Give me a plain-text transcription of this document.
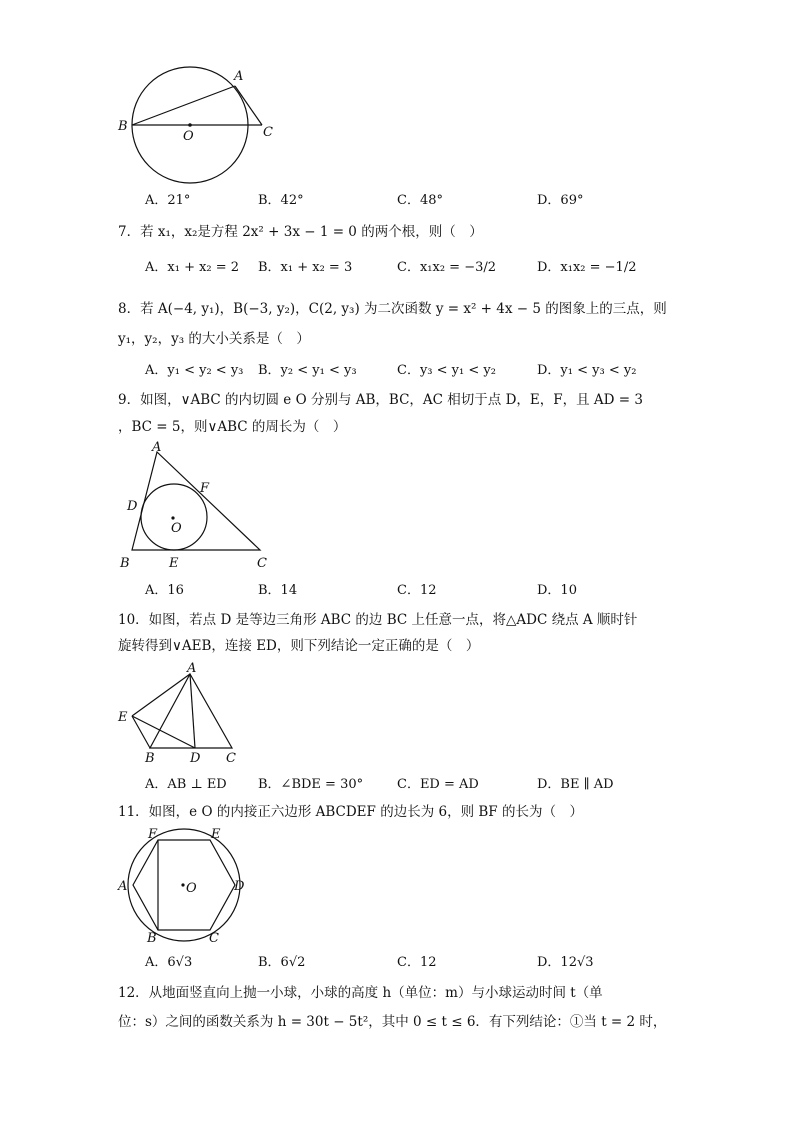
A
B
O	C
A．21°	B．42°	C．48°	D．69°
7．若 x₁，x₂是方程 2x² + 3x − 1 = 0 的两个根，则（　）
A．x₁ + x₂ = 2 B．x₁ + x₂ = 3	C．x₁x₂ = −3/2	D．x₁x₂ = −1/2
8．若 A(−4, y₁)，B(−3, y₂)，C(2, y₃) 为二次函数 y = x² + 4x − 5 的图象上的三点，则
y₁，y₂，y₃ 的大小关系是（　）
A．y₁ < y₂ < y₃ B．y₂ < y₁ < y₃	C．y₃ < y₁ < y₂	D．y₁ < y₃ < y₂
9．如图，∨ABC 的内切圆 e O 分别与 AB，BC，AC 相切于点 D，E，F，且 AD = 3
，BC = 5，则∨ABC 的周长为（　）
A
B	C
D
E
F
O
A．16	B．14	C．12	D．10
10．如图，若点 D 是等边三角形 ABC 的边 BC 上任意一点，将△ADC 绕点 A 顺时针
旋转得到∨AEB，连接 ED，则下列结论一定正确的是（　）
A
E
B	D C
A．AB ⊥ ED B．∠BDE = 30°	C．ED = AD	D．BE ∥ AD
11．如图，e O 的内接正六边形 ABCDEF 的边长为 6，则 BF 的长为（　）
F	E
A	D
B	C
O
A．6√3	B．6√2	C．12	D．12√3
12．从地面竖直向上抛一小球，小球的高度 h（单位：m）与小球运动时间 t（单
位：s）之间的函数关系为 h = 30t − 5t²，其中 0 ≤ t ≤ 6．有下列结论：①当 t = 2 时，
